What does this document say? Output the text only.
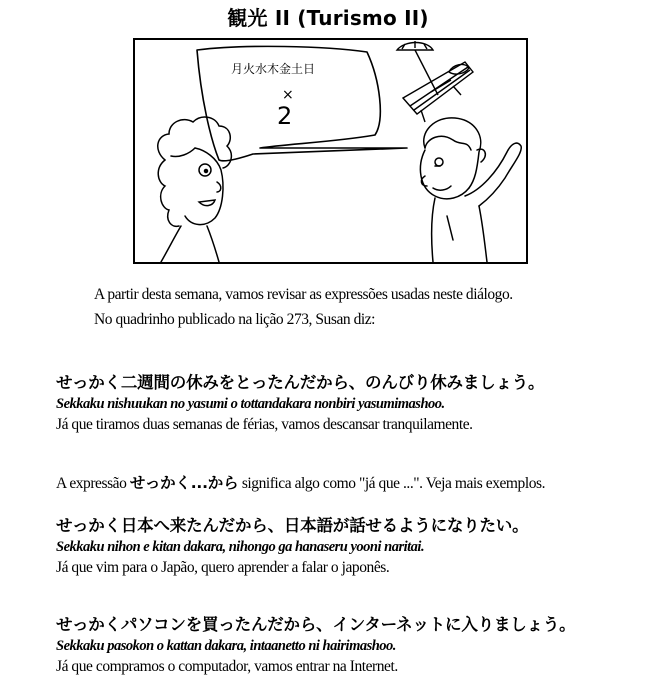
観光 II (Turismo II)
月火水木金土日
×
2
A partir desta semana, vamos revisar as expressões usadas neste diálogo.
No quadrinho publicado na lição 273, Susan diz:
せっかく二週間の休みをとったんだから、のんびり休みましょう。
Sekkaku nishuukan no yasumi o tottandakara nonbiri yasumimashoo.
Já que tiramos duas semanas de férias, vamos descansar tranquilamente.
A expressão せっかく...から significa algo como "já que ...". Veja mais exemplos.
せっかく日本へ来たんだから、日本語が話せるようになりたい。
Sekkaku nihon e kitan dakara, nihongo ga hanaseru yooni naritai.
Já que vim para o Japão, quero aprender a falar o japonês.
せっかくパソコンを買ったんだから、インターネットに入りましょう。
Sekkaku pasokon o kattan dakara, intaanetto ni hairimashoo.
Já que compramos o computador, vamos entrar na Internet.
